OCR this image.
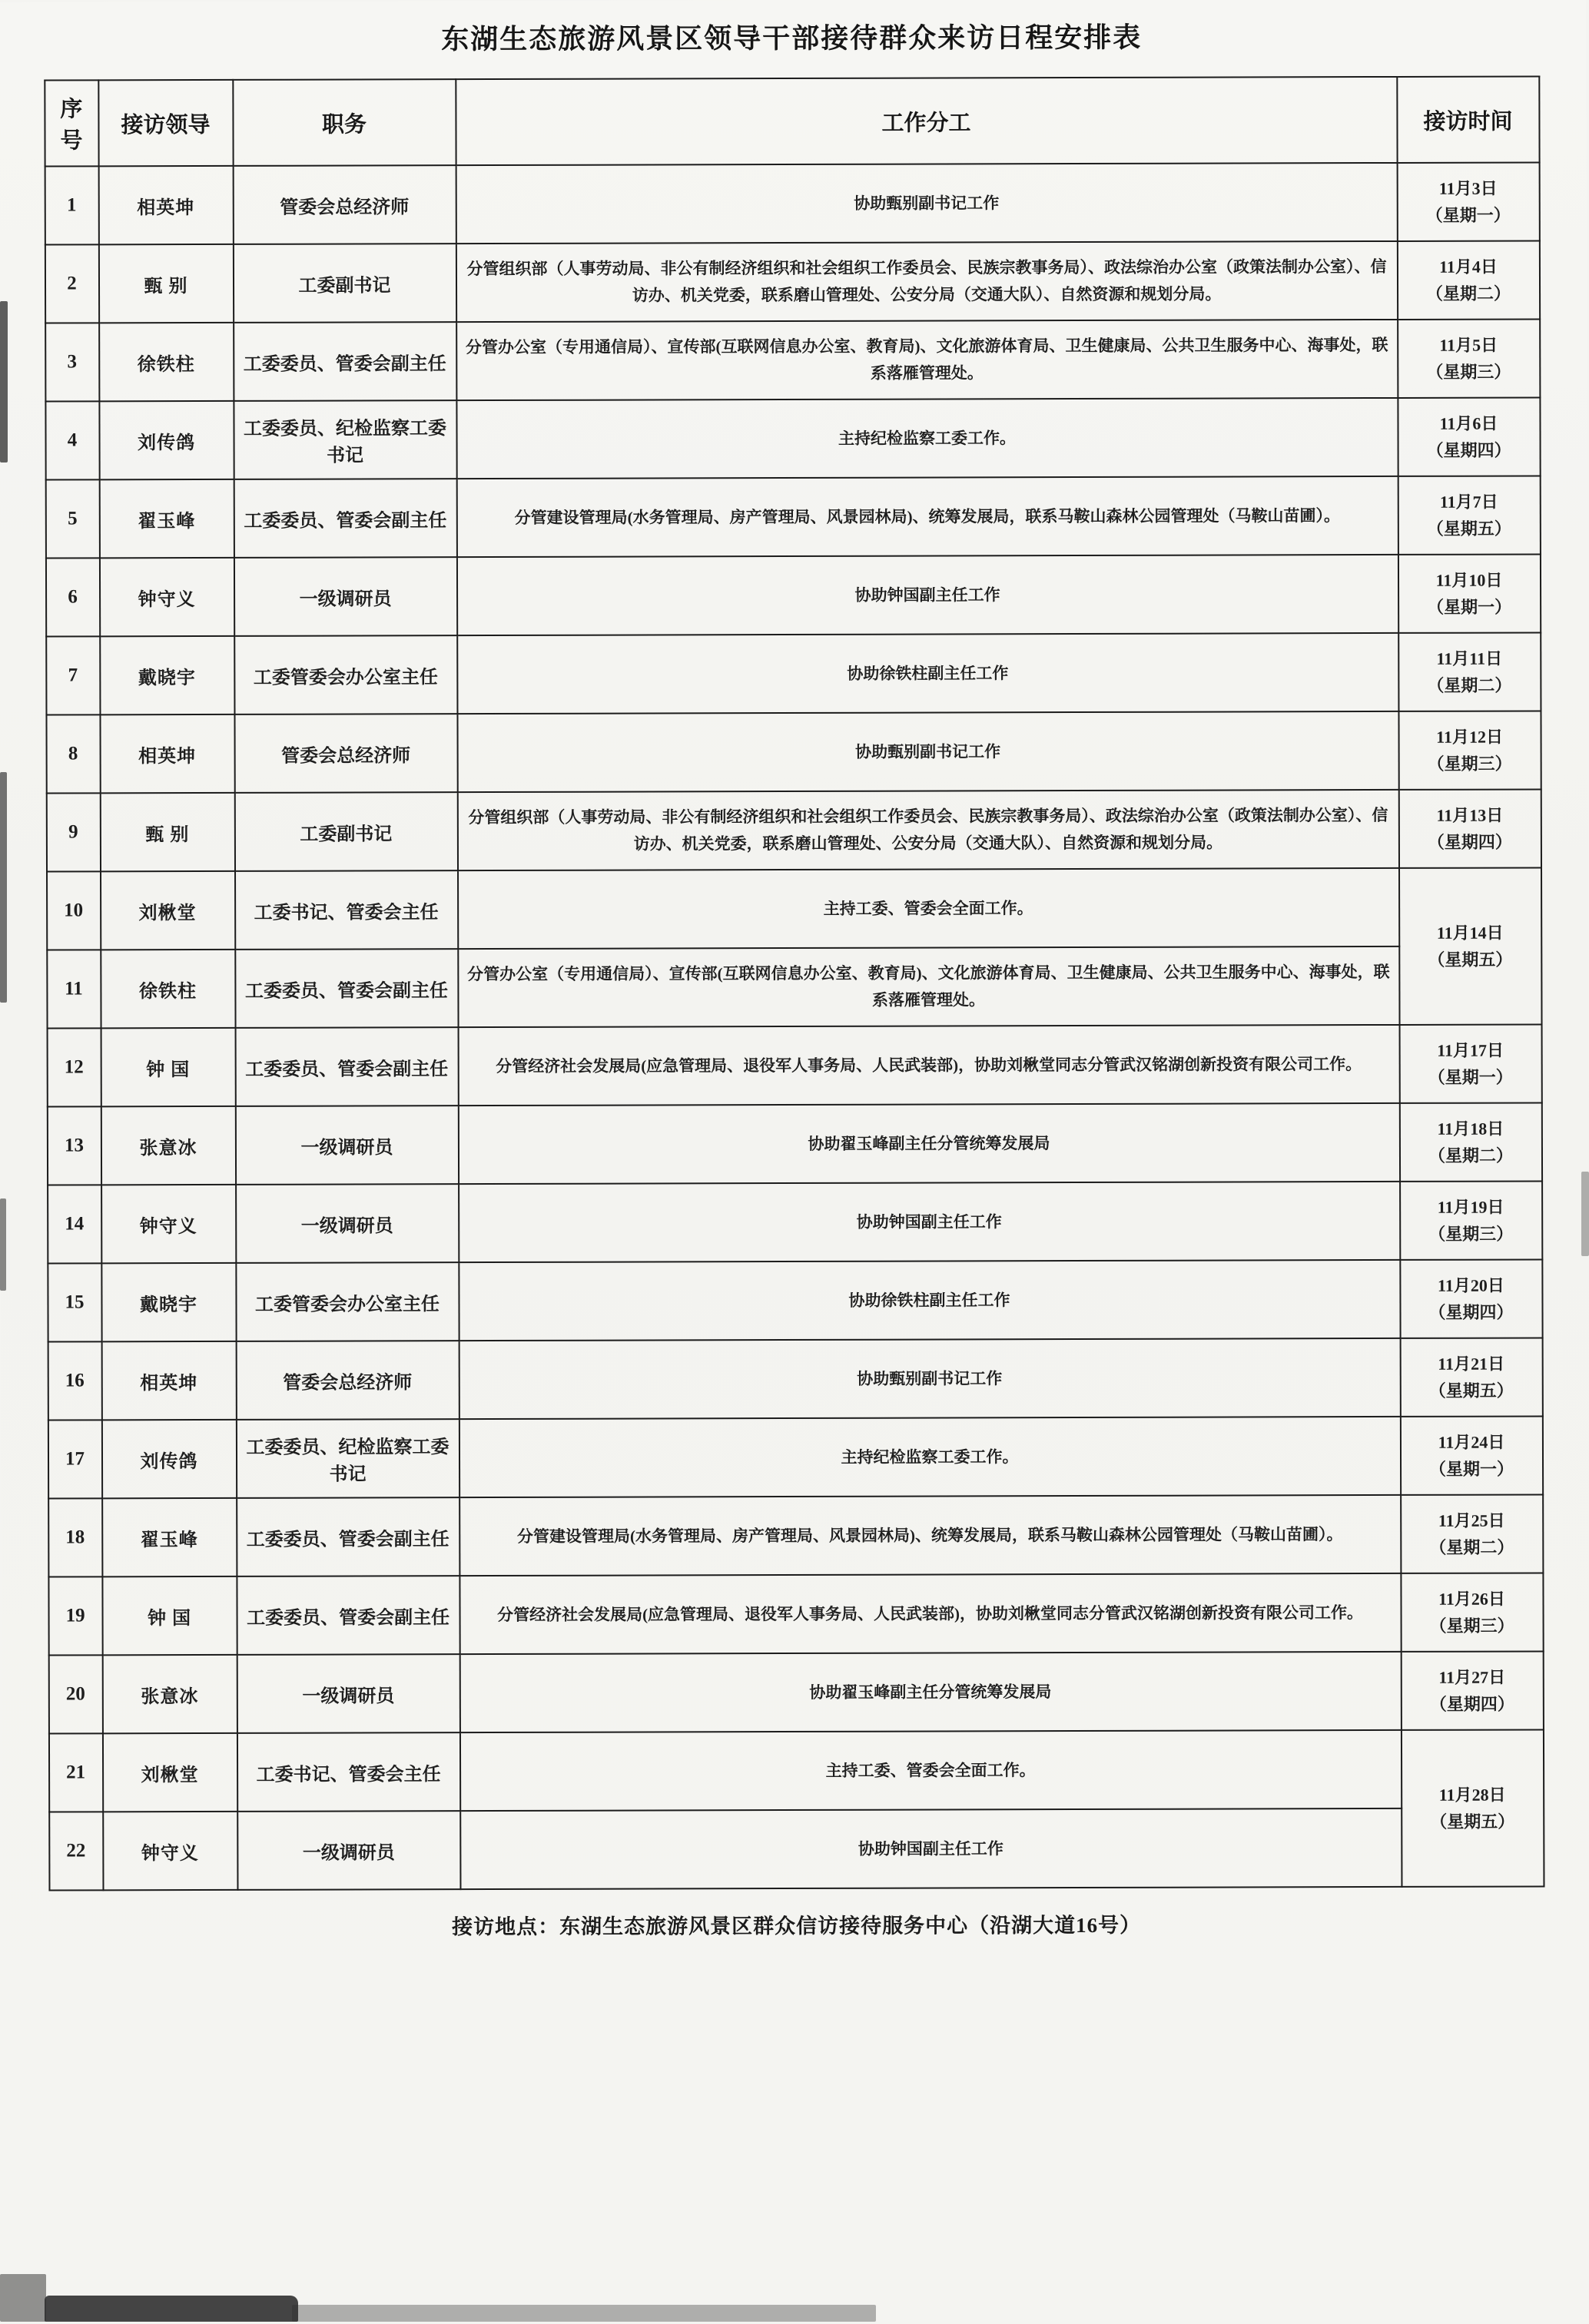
东湖生态旅游风景区领导干部接待群众来访日程安排表
序号	接访领导	职务	工作分工	接访时间
1	相英坤	管委会总经济师	协助甄别副书记工作	11月3日
（星期一）

2	甄 别	工委副书记	分管组织部（人事劳动局、非公有制经济组织和社会组织工作委员会、民族宗教事务局）、政法综治办公室（政策法制办公室）、信访办、机关党委，联系磨山管理处、公安分局（交通大队）、自然资源和规划分局。	11月4日
（星期二）

3	徐铁柱	工委委员、管委会副主任	分管办公室（专用通信局）、宣传部(互联网信息办公室、教育局)、文化旅游体育局、卫生健康局、公共卫生服务中心、海事处，联系落雁管理处。	11月5日
（星期三）

4	刘传鸽	工委委员、纪检监察工委书记	主持纪检监察工委工作。	11月6日
（星期四）

5	翟玉峰	工委委员、管委会副主任	分管建设管理局(水务管理局、房产管理局、风景园林局)、统筹发展局，联系马鞍山森林公园管理处（马鞍山苗圃）。	11月7日
（星期五）

6	钟守义	一级调研员	协助钟国副主任工作	11月10日
（星期一）

7	戴晓宇	工委管委会办公室主任	协助徐铁柱副主任工作	11月11日
（星期二）

8	相英坤	管委会总经济师	协助甄别副书记工作	11月12日
（星期三）

9	甄 别	工委副书记	分管组织部（人事劳动局、非公有制经济组织和社会组织工作委员会、民族宗教事务局）、政法综治办公室（政策法制办公室）、信访办、机关党委，联系磨山管理处、公安分局（交通大队）、自然资源和规划分局。	11月13日
（星期四）

10	刘楸堂	工委书记、管委会主任	主持工委、管委会全面工作。	11月14日
（星期五）

11	徐铁柱	工委委员、管委会副主任	分管办公室（专用通信局）、宣传部(互联网信息办公室、教育局)、文化旅游体育局、卫生健康局、公共卫生服务中心、海事处，联系落雁管理处。	
12	钟 国	工委委员、管委会副主任	分管经济社会发展局(应急管理局、退役军人事务局、人民武装部)，协助刘楸堂同志分管武汉铭湖创新投资有限公司工作。	11月17日
（星期一）

13	张意冰	一级调研员	协助翟玉峰副主任分管统筹发展局	11月18日
（星期二）

14	钟守义	一级调研员	协助钟国副主任工作	11月19日
（星期三）

15	戴晓宇	工委管委会办公室主任	协助徐铁柱副主任工作	11月20日
（星期四）

16	相英坤	管委会总经济师	协助甄别副书记工作	11月21日
（星期五）

17	刘传鸽	工委委员、纪检监察工委书记	主持纪检监察工委工作。	11月24日
（星期一）

18	翟玉峰	工委委员、管委会副主任	分管建设管理局(水务管理局、房产管理局、风景园林局)、统筹发展局，联系马鞍山森林公园管理处（马鞍山苗圃）。	11月25日
（星期二）

19	钟 国	工委委员、管委会副主任	分管经济社会发展局(应急管理局、退役军人事务局、人民武装部)，协助刘楸堂同志分管武汉铭湖创新投资有限公司工作。	11月26日
（星期三）

20	张意冰	一级调研员	协助翟玉峰副主任分管统筹发展局	11月27日
（星期四）

21	刘楸堂	工委书记、管委会主任	主持工委、管委会全面工作。	11月28日
（星期五）

22	钟守义	一级调研员	协助钟国副主任工作	
接访地点：东湖生态旅游风景区群众信访接待服务中心（沿湖大道16号）
